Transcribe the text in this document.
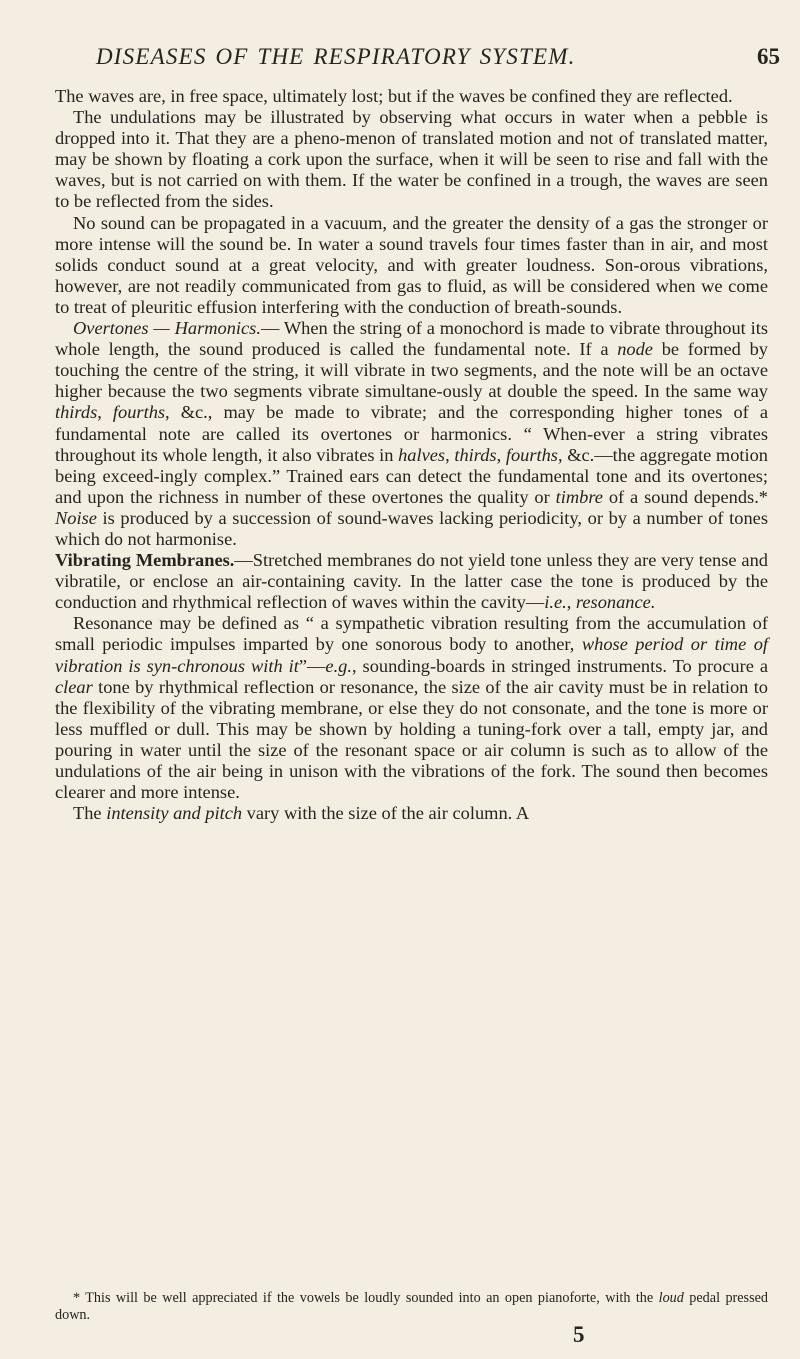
DISEASES OF THE RESPIRATORY SYSTEM.	65

The waves are, in free space, ultimately lost; but if the waves be confined they are reflected.

The undulations may be illustrated by observing what occurs in water when a pebble is dropped into it. That they are a pheno-menon of translated motion and not of translated matter, may be shown by floating a cork upon the surface, when it will be seen to rise and fall with the waves, but is not carried on with them. If the water be confined in a trough, the waves are seen to be reflected from the sides.

No sound can be propagated in a vacuum, and the greater the density of a gas the stronger or more intense will the sound be. In water a sound travels four times faster than in air, and most solids conduct sound at a great velocity, and with greater loudness. Son-orous vibrations, however, are not readily communicated from gas to fluid, as will be considered when we come to treat of pleuritic effusion interfering with the conduction of breath-sounds.

Overtones — Harmonics.— When the string of a monochord is made to vibrate throughout its whole length, the sound produced is called the fundamental note. If a node be formed by touching the centre of the string, it will vibrate in two segments, and the note will be an octave higher because the two segments vibrate simultane-ously at double the speed. In the same way thirds, fourths, &c., may be made to vibrate; and the corresponding higher tones of a fundamental note are called its overtones or harmonics. “ When-ever a string vibrates throughout its whole length, it also vibrates in halves, thirds, fourths, &c.—the aggregate motion being exceed-ingly complex.” Trained ears can detect the fundamental tone and its overtones; and upon the richness in number of these overtones the quality or timbre of a sound depends.* Noise is produced by a succession of sound-waves lacking periodicity, or by a number of tones which do not harmonise.

Vibrating Membranes.—Stretched membranes do not yield tone unless they are very tense and vibratile, or enclose an air-containing cavity. In the latter case the tone is produced by the conduction and rhythmical reflection of waves within the cavity—i.e., resonance.

Resonance may be defined as “ a sympathetic vibration resulting from the accumulation of small periodic impulses imparted by one sonorous body to another, whose period or time of vibration is syn-chronous with it”—e.g., sounding-boards in stringed instruments. To procure a clear tone by rhythmical reflection or resonance, the size of the air cavity must be in relation to the flexibility of the vibrating membrane, or else they do not consonate, and the tone is more or less muffled or dull. This may be shown by holding a tuning-fork over a tall, empty jar, and pouring in water until the size of the resonant space or air column is such as to allow of the undulations of the air being in unison with the vibrations of the fork. The sound then becomes clearer and more intense.

The intensity and pitch vary with the size of the air column. A

* This will be well appreciated if the vowels be loudly sounded into an open pianoforte, with the loud pedal pressed down.

5
